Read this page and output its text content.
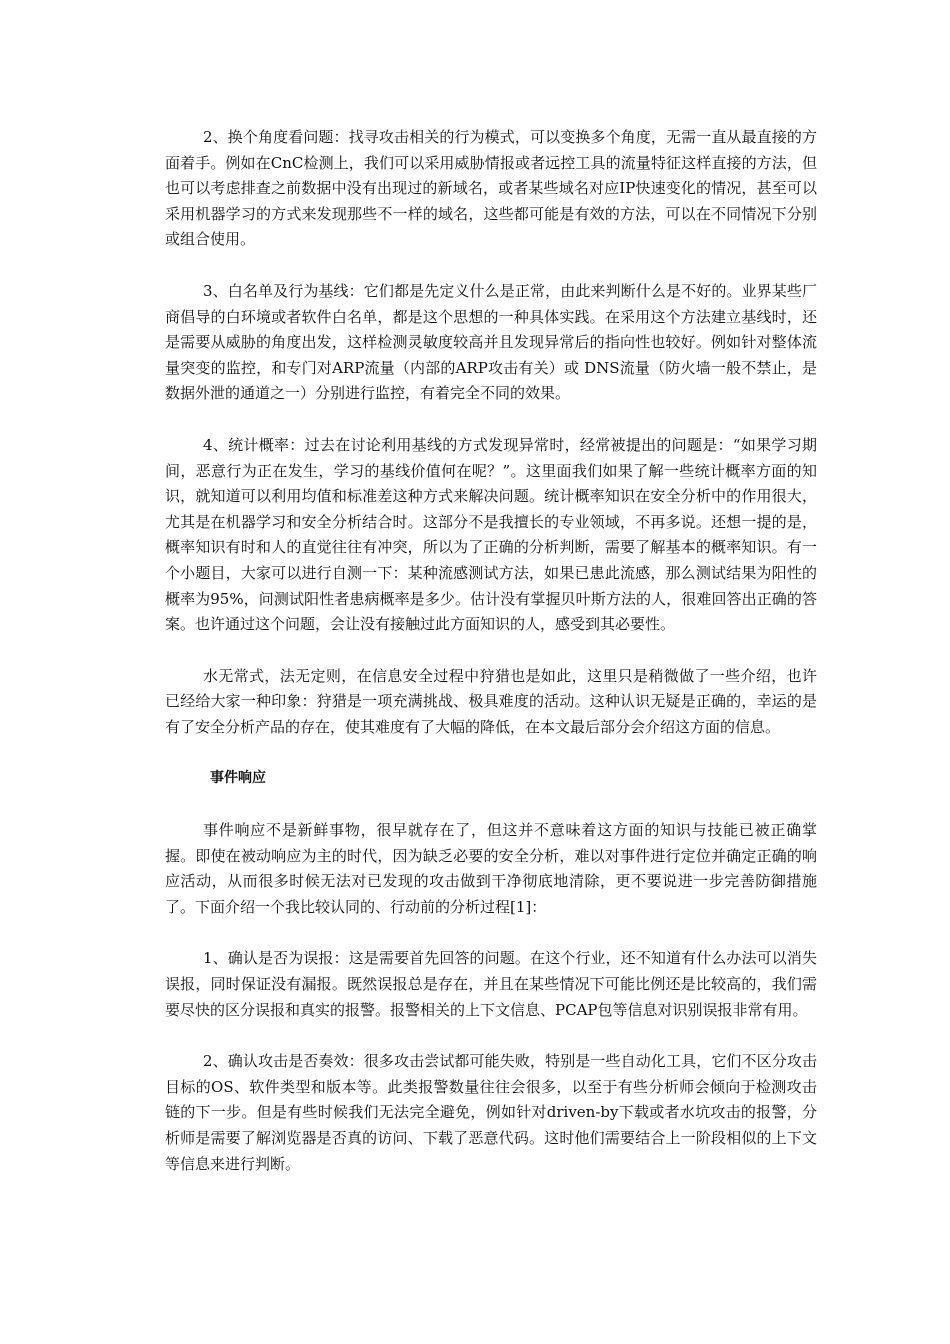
2、换个角度看问题：找寻攻击相关的行为模式，可以变换多个角度，无需一直从最直接的方面着手。例如在CnC检测上，我们可以采用威胁情报或者远控工具的流量特征这样直接的方法，但也可以考虑排查之前数据中没有出现过的新域名，或者某些域名对应IP快速变化的情况，甚至可以采用机器学习的方式来发现那些不一样的域名，这些都可能是有效的方法，可以在不同情况下分别或组合使用。

3、白名单及行为基线：它们都是先定义什么是正常，由此来判断什么是不好的。业界某些厂商倡导的白环境或者软件白名单，都是这个思想的一种具体实践。在采用这个方法建立基线时，还是需要从威胁的角度出发，这样检测灵敏度较高并且发现异常后的指向性也较好。例如针对整体流量突变的监控，和专门对ARP流量（内部的ARP攻击有关）或 DNS流量（防火墙一般不禁止，是数据外泄的通道之一）分别进行监控，有着完全不同的效果。

4、统计概率：过去在讨论利用基线的方式发现异常时，经常被提出的问题是：“如果学习期间，恶意行为正在发生，学习的基线价值何在呢？”。这里面我们如果了解一些统计概率方面的知识，就知道可以利用均值和标准差这种方式来解决问题。统计概率知识在安全分析中的作用很大，尤其是在机器学习和安全分析结合时。这部分不是我擅长的专业领域，不再多说。还想一提的是，概率知识有时和人的直觉往往有冲突，所以为了正确的分析判断，需要了解基本的概率知识。有一个小题目，大家可以进行自测一下：某种流感测试方法，如果已患此流感，那么测试结果为阳性的概率为95%，问测试阳性者患病概率是多少。估计没有掌握贝叶斯方法的人，很难回答出正确的答案。也许通过这个问题，会让没有接触过此方面知识的人，感受到其必要性。

水无常式，法无定则，在信息安全过程中狩猎也是如此，这里只是稍微做了一些介绍，也许已经给大家一种印象：狩猎是一项充满挑战、极具难度的活动。这种认识无疑是正确的，幸运的是有了安全分析产品的存在，使其难度有了大幅的降低，在本文最后部分会介绍这方面的信息。

事件响应

事件响应不是新鲜事物，很早就存在了，但这并不意味着这方面的知识与技能已被正确掌握。即使在被动响应为主的时代，因为缺乏必要的安全分析，难以对事件进行定位并确定正确的响应活动，从而很多时候无法对已发现的攻击做到干净彻底地清除，更不要说进一步完善防御措施了。下面介绍一个我比较认同的、行动前的分析过程[1]：

1、确认是否为误报：这是需要首先回答的问题。在这个行业，还不知道有什么办法可以消失误报，同时保证没有漏报。既然误报总是存在，并且在某些情况下可能比例还是比较高的，我们需要尽快的区分误报和真实的报警。报警相关的上下文信息、PCAP包等信息对识别误报非常有用。

2、确认攻击是否奏效：很多攻击尝试都可能失败，特别是一些自动化工具，它们不区分攻击目标的OS、软件类型和版本等。此类报警数量往往会很多，以至于有些分析师会倾向于检测攻击链的下一步。但是有些时候我们无法完全避免，例如针对driven-by下载或者水坑攻击的报警，分析师是需要了解浏览器是否真的访问、下载了恶意代码。这时他们需要结合上一阶段相似的上下文等信息来进行判断。
